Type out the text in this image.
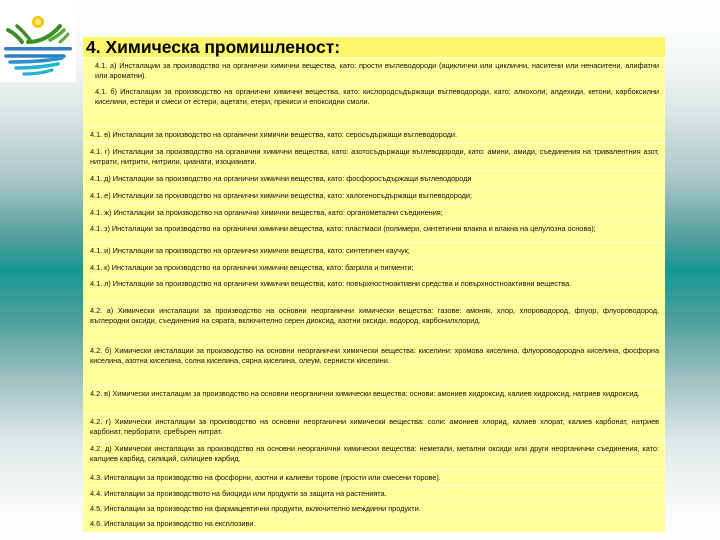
4. Химическа промишленост:
4.1. а) Инсталации за производство на органични химични вещества, като: прости въглеводороди (ациклични или циклични, наситени или ненаситени, алифатни или ароматни).
4.1. б) Инсталации за производство на органични химични вещества, като: кислородсъдържащи въглеводороди, като: алкохоли, алдехиди, кетони, карбоксилни киселини, естери и смеси от естери, ацетати, етери, прекиси и епоксидни смоли.
4.1. в) Инсталации за производство на органични химични вещества, като: серосъдържащи въглеводороди.
4.1. г) Инсталации за производство на органични химични вещества, като: азотосъдържащи въглеводороди, като: амини, амиди, съединения на тривалентния азот, нитрати, нитрити, нитрили, цианати, изоцианати.
4.1. д) Инсталации за производство на органични химични вещества, като: фосфоросъдържащи въглеводороди
4.1. е) Инсталации за производство на органични химични вещества, като: халогеносъдържащи въглеводороди;
4.1. ж) Инсталации за производство на органични химични вещества, като: органометални съединения;
4.1. з) Инсталации за производство на органични химични вещества, като: пластмаси (полимери, синтетични влакна и влакна на целулозна основа);
4.1. и) Инсталации за производство на органични химични вещества, като: синтетичен каучук;
4.1. к) Инсталации за производство на органични химични вещества, като: багрила и пигменти;
4.1. л) Инсталации за производство на органични химични вещества, като: повърхностноактивни средства и повърхностноактивни вещества.
4.2. а) Химически инсталации за производство на основни неорганични химически вещества: газове: амоняк, хлор, хлороводород, флуор, флуороводород, въглеродни оксиди, съединения на сярата, включително серен диоксид, азотни оксиди, водород, карбонилхлорид.
4.2. б) Химически инсталации за производство на основни неорганични химически вещества: киселини: хромова киселина, флуороводородна киселина, фосфорна киселина, азотна киселина, солна киселина, сярна киселина, олеум, сернисти киселини.
4.2. в) Химически инсталации за производство на основни неорганични химически вещества: основи: амониев хидроксид, калиев хидроксид, натриев хидроксид.
4.2. г) Химически инсталации за производство на основни неорганични химически вещества: соли: амониев хлорид, калиев хлорат, калиев карбонат, натриев карбонат, перборати, сребърен нитрат.
4.2. д) Химически инсталации за производство на основни неорганични химически вещества: неметали, метални оксиди или други неорганични съединения, като: калциев карбид, силиций, силициев карбид.
4.3. Инсталации за производство на фосфорни, азотни и калиеви торове (прости или смесени торове).
4.4. Инсталации за производството на биоциди или продукти за защита на растенията.
4.5. Инсталации за производство на фармацевтични продукти, включително междинни продукти.
4.6. Инсталации за производство на експлозиви.
